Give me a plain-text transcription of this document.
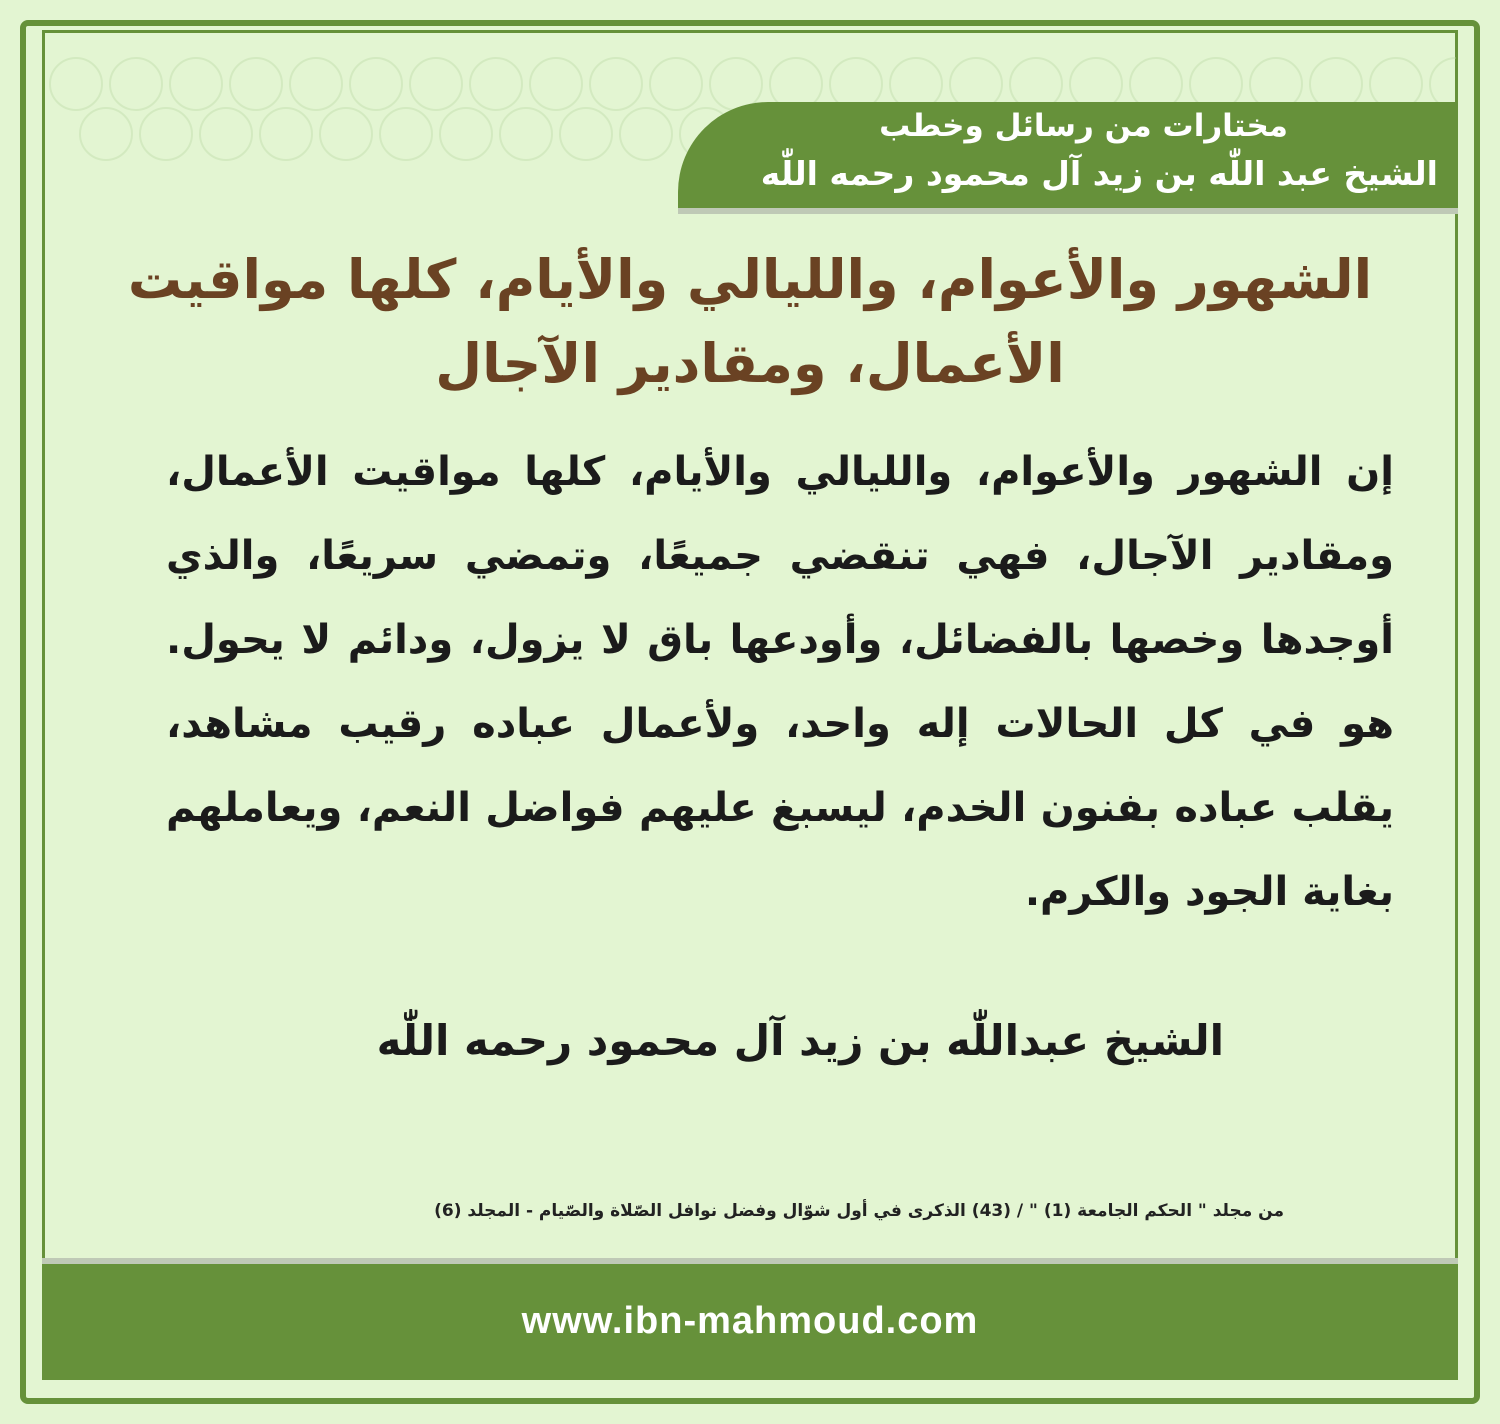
مختارات من رسائل وخطب

الشيخ عبد اللّٰه بن زيد آل محمود رحمه اللّٰه

الشهور والأعوام، والليالي والأيام، كلها مواقيت الأعمال، ومقادير الآجال

إن الشهور والأعوام، والليالي والأيام، كلها مواقيت الأعمال، ومقادير الآجال، فهي تنقضي جميعًا، وتمضي سريعًا، والذي أوجدها وخصها بالفضائل، وأودعها باق لا يزول، ودائم لا يحول. هو في كل الحالات إله واحد، ولأعمال عباده رقيب مشاهد، يقلب عباده بفنون الخدم، ليسبغ عليهم فواضل النعم، ويعاملهم بغاية الجود والكرم.

الشيخ عبداللّٰه بن زيد آل محمود رحمه اللّٰه

من مجلد " الحكم الجامعة (1) " / (43) الذكرى في أول شوّال وفضل نوافل الصّلاة والصّيام - المجلد (6)

www.ibn-mahmoud.com
